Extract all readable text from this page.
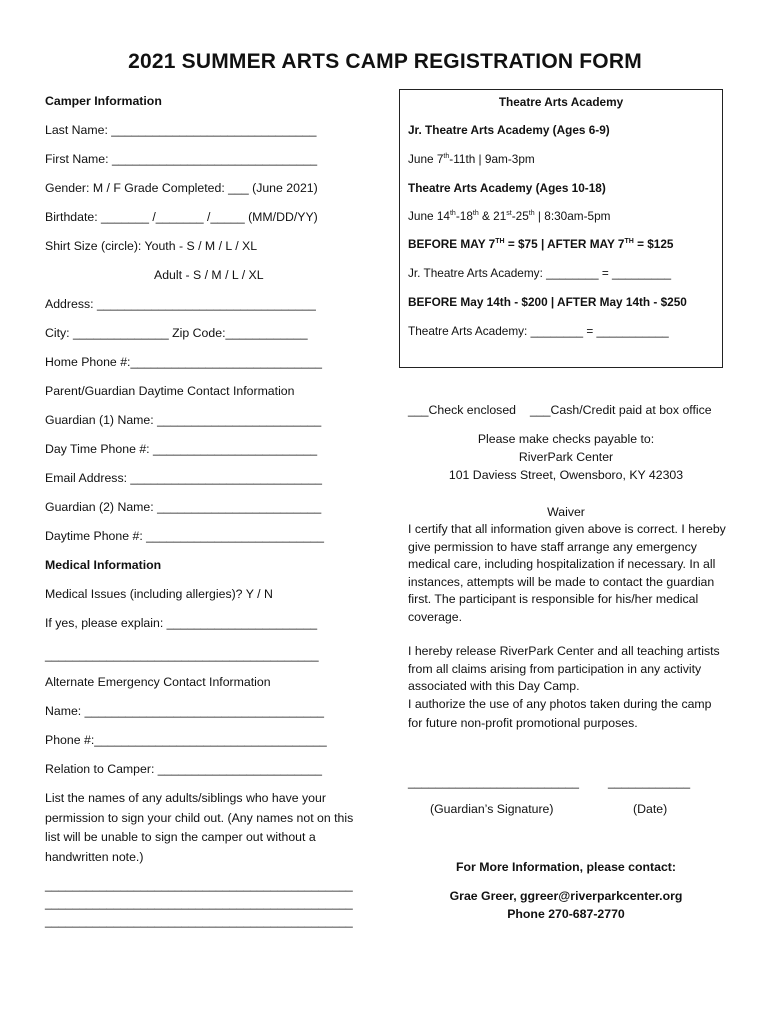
2021 SUMMER ARTS CAMP REGISTRATION FORM
Camper Information
Last Name: ______________________________
First Name: ______________________________
Gender: M / F Grade Completed: ___ (June 2021)
Birthdate: _______ /_______ /_____ (MM/DD/YY)
Shirt Size (circle): Youth - S / M / L / XL
Adult - S / M / L / XL
Address: ________________________________
City: ______________ Zip Code:____________
Home Phone #:____________________________
Parent/Guardian Daytime Contact Information
Guardian (1) Name: ________________________
Day Time Phone #: ________________________
Email Address: ____________________________
Guardian (2) Name: ________________________
Daytime Phone #: __________________________
Medical Information
Medical Issues (including allergies)? Y / N
If yes, please explain: ______________________
________________________________________
Alternate Emergency Contact Information
Name: ___________________________________
Phone #:__________________________________
Relation to Camper: ________________________
List the names of any adults/siblings who have your permission to sign your child out. (Any names not on this list will be unable to sign the camper out without a handwritten note.)
_____________________________________________
_____________________________________________
_____________________________________________
Theatre Arts Academy
Jr. Theatre Arts Academy (Ages 6-9)
June 7th-11th | 9am-3pm
Theatre Arts Academy (Ages 10-18)
June 14th-18th & 21st-25th | 8:30am-5pm
BEFORE MAY 7TH = $75 | AFTER MAY 7TH = $125
Jr. Theatre Arts Academy: ________ = _________
BEFORE May 14th - $200 | AFTER May 14th - $250
Theatre Arts Academy: ________ = ___________
___Check enclosed ___Cash/Credit paid at box office
Please make checks payable to:
RiverPark Center
101 Daviess Street, Owensboro, KY 42303
Waiver
I certify that all information given above is correct. I hereby give permission to have staff arrange any emergency medical care, including hospitalization if necessary. In all instances, attempts will be made to contact the guardian first. The participant is responsible for his/her medical coverage.
I hereby release RiverPark Center and all teaching artists from all claims arising from participation in any activity associated with this Day Camp.
I authorize the use of any photos taken during the camp for future non-profit promotional purposes.
_________________________ ____________
(Guardian’s Signature)	(Date)
For More Information, please contact:
Grae Greer, ggreer@riverparkcenter.org
Phone 270-687-2770
